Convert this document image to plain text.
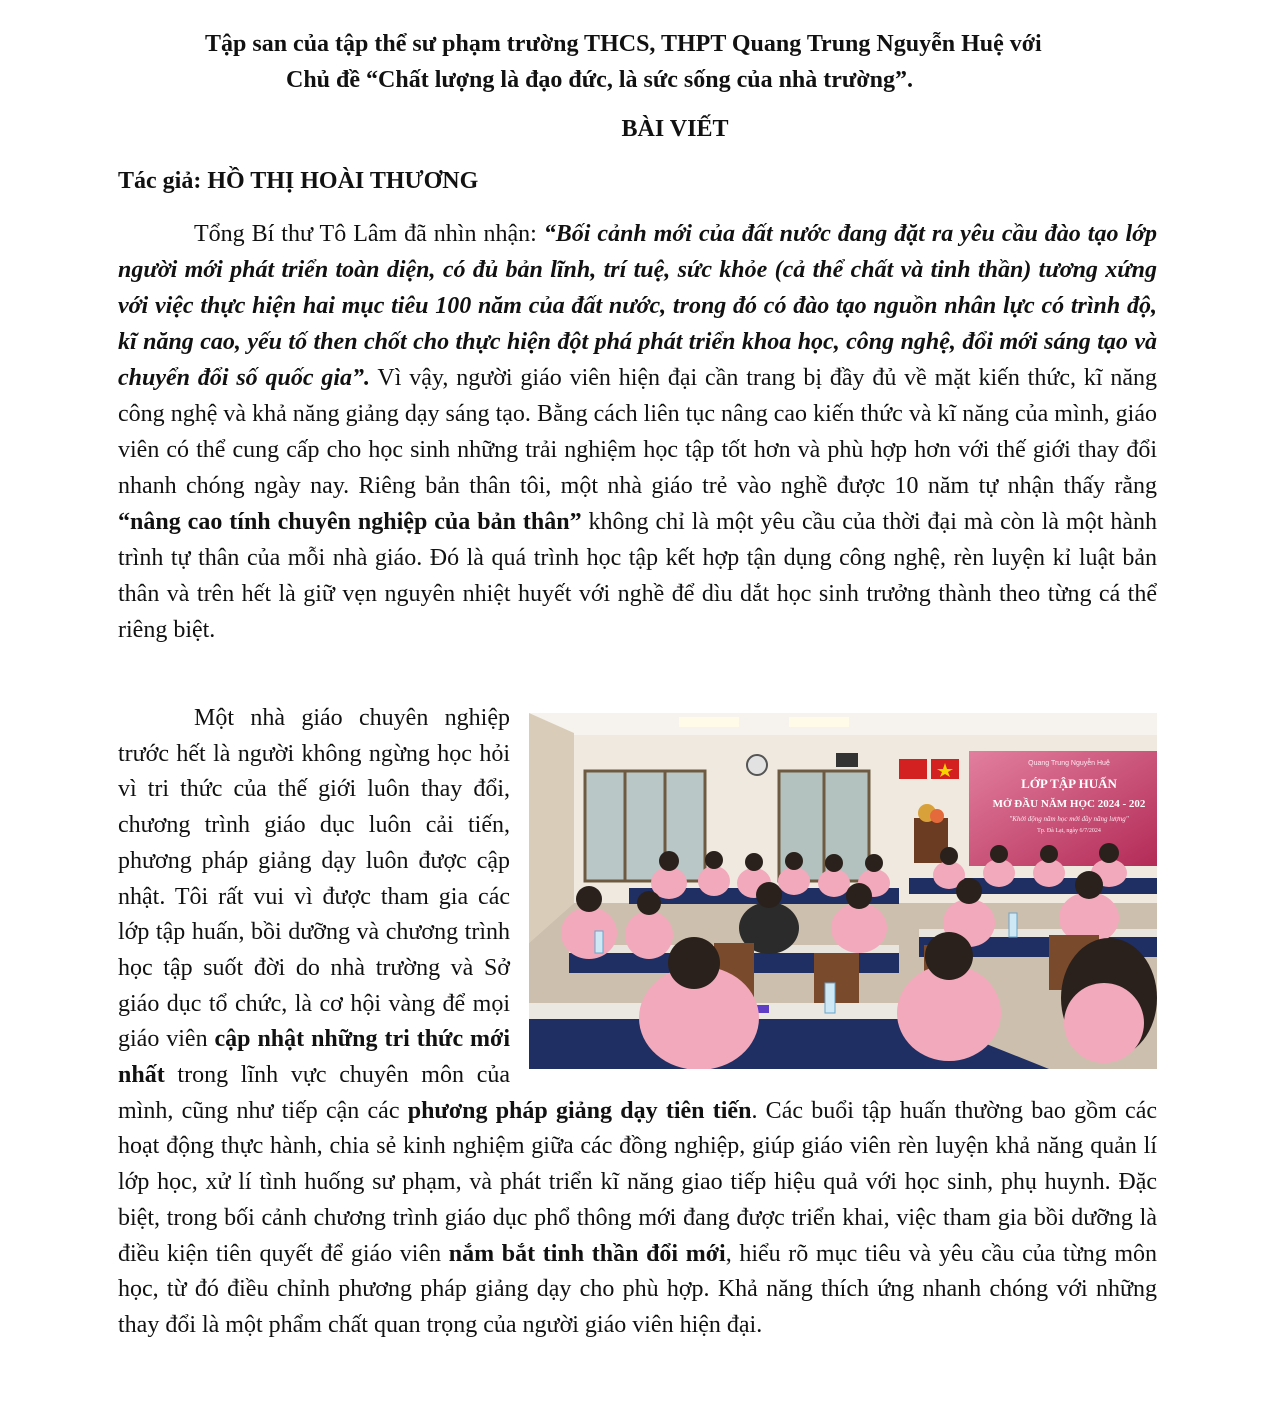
Tập san của tập thể sư phạm trường THCS, THPT Quang Trung Nguyễn Huệ với
Chủ đề “Chất lượng là đạo đức, là sức sống của nhà trường”.
BÀI VIẾT
Tác giả: HỒ THỊ HOÀI THƯƠNG

Tổng Bí thư Tô Lâm đã nhìn nhận: “Bối cảnh mới của đất nước đang đặt ra yêu cầu đào tạo lớp người mới phát triển toàn diện, có đủ bản lĩnh, trí tuệ, sức khỏe (cả thể chất và tinh thần) tương xứng với việc thực hiện hai mục tiêu 100 năm của đất nước, trong đó có đào tạo nguồn nhân lực có trình độ, kĩ năng cao, yếu tố then chốt cho thực hiện đột phá phát triển khoa học, công nghệ, đổi mới sáng tạo và chuyển đổi số quốc gia”. Vì vậy, người giáo viên hiện đại cần trang bị đầy đủ về mặt kiến thức, kĩ năng công nghệ và khả năng giảng dạy sáng tạo. Bằng cách liên tục nâng cao kiến thức và kĩ năng của mình, giáo viên có thể cung cấp cho học sinh những trải nghiệm học tập tốt hơn và phù hợp hơn với thế giới thay đổi nhanh chóng ngày nay. Riêng bản thân tôi, một nhà giáo trẻ vào nghề được 10 năm tự nhận thấy rằng “nâng cao tính chuyên nghiệp của bản thân” không chỉ là một yêu cầu của thời đại mà còn là một hành trình tự thân của mỗi nhà giáo. Đó là quá trình học tập kết hợp tận dụng công nghệ, rèn luyện kỉ luật bản thân và trên hết là giữ vẹn nguyên nhiệt huyết với nghề để dìu dắt học sinh trưởng thành theo từng cá thể riêng biệt.

Quang Trung Nguyễn Huệ
LỚP TẬP HUẤN
MỞ ĐẦU NĂM HỌC 2024 - 202
"Khởi động năm học mới đầy năng lượng"
Tp. Đà Lạt, ngày 6/7/2024

Một nhà giáo chuyên nghiệp trước hết là người không ngừng học hỏi vì tri thức của thế giới luôn thay đổi, chương trình giáo dục luôn cải tiến, phương pháp giảng dạy luôn được cập nhật. Tôi rất vui vì được tham gia các lớp tập huấn, bồi dưỡng và chương trình học tập suốt đời do nhà trường và Sở giáo dục tổ chức, là cơ hội vàng để mọi giáo viên cập nhật những tri thức mới nhất trong lĩnh vực chuyên môn của mình, cũng như tiếp cận các phương pháp giảng dạy tiên tiến. Các buổi tập huấn thường bao gồm các hoạt động thực hành, chia sẻ kinh nghiệm giữa các đồng nghiệp, giúp giáo viên rèn luyện khả năng quản lí lớp học, xử lí tình huống sư phạm, và phát triển kĩ năng giao tiếp hiệu quả với học sinh, phụ huynh. Đặc biệt, trong bối cảnh chương trình giáo dục phổ thông mới đang được triển khai, việc tham gia bồi dưỡng là điều kiện tiên quyết để giáo viên nắm bắt tinh thần đổi mới, hiểu rõ mục tiêu và yêu cầu của từng môn học, từ đó điều chỉnh phương pháp giảng dạy cho phù hợp. Khả năng thích ứng nhanh chóng với những thay đổi là một phẩm chất quan trọng của người giáo viên hiện đại.
